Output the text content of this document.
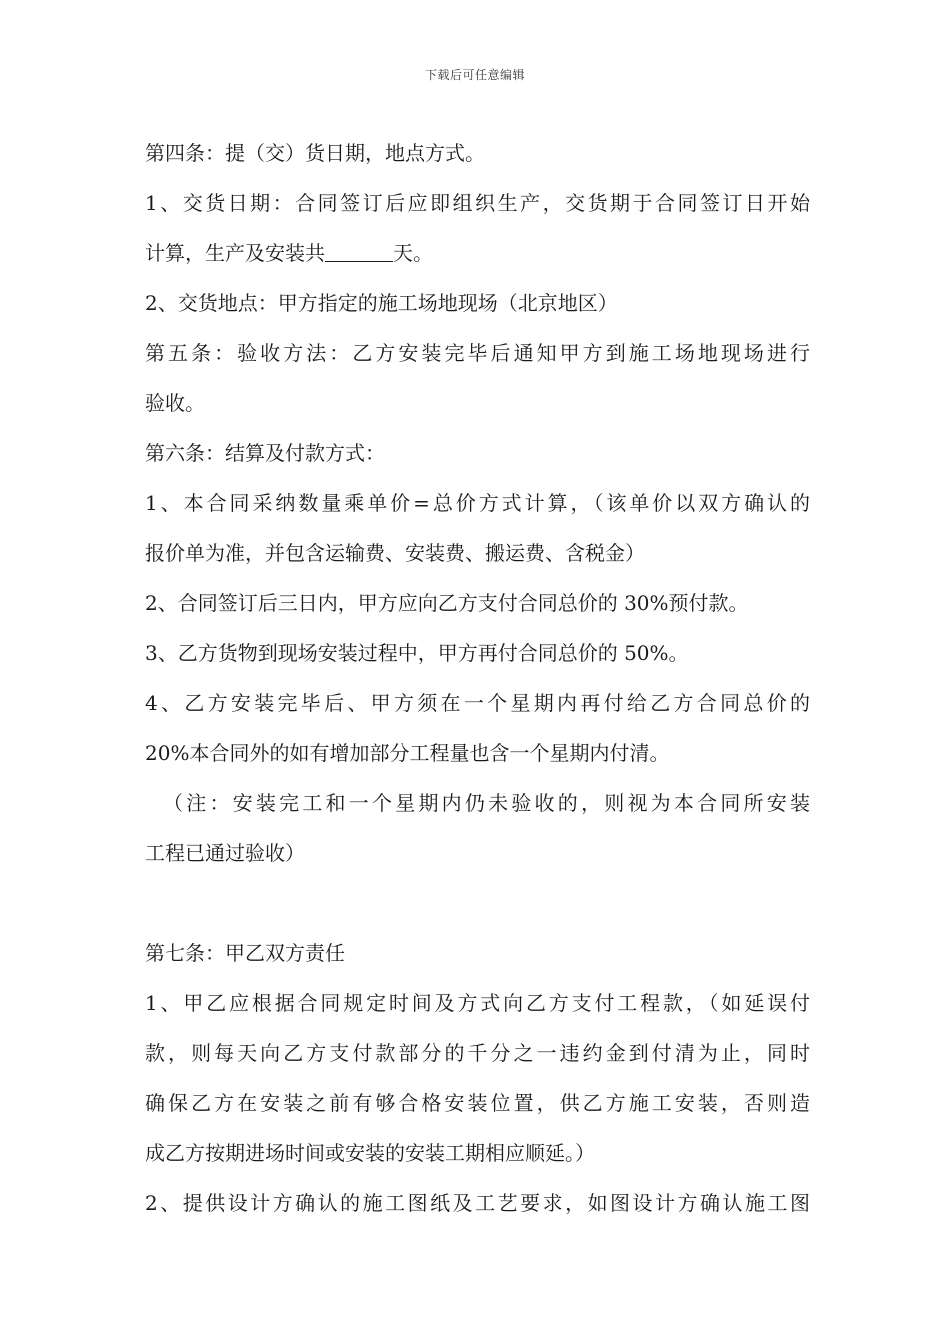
下载后可任意编辑
第四条：提（交）货日期，地点方式。
1、交货日期：合同签订后应即组织生产，交货期于合同签订日开始
计算，生产及安装共	天。
2、交货地点：甲方指定的施工场地现场（北京地区）
第五条：验收方法：乙方安装完毕后通知甲方到施工场地现场进行
验收。
第六条：结算及付款方式：
1、本合同采纳数量乘单价=总价方式计算，（该单价以双方确认的
报价单为准，并包含运输费、安装费、搬运费、含税金）
2、合同签订后三日内，甲方应向乙方支付合同总价的 30%预付款。
3、乙方货物到现场安装过程中，甲方再付合同总价的 50%。
4、乙方安装完毕后、甲方须在一个星期内再付给乙方合同总价的
20%本合同外的如有增加部分工程量也含一个星期内付清。
（注：安装完工和一个星期内仍未验收的，则视为本合同所安装
工程已通过验收）
第七条：甲乙双方责任
1、甲乙应根据合同规定时间及方式向乙方支付工程款，（如延误付
款，则每天向乙方支付款部分的千分之一违约金到付清为止，同时
确保乙方在安装之前有够合格安装位置，供乙方施工安装，否则造
成乙方按期进场时间或安装的安装工期相应顺延。）
2、提供设计方确认的施工图纸及工艺要求，如图设计方确认施工图
